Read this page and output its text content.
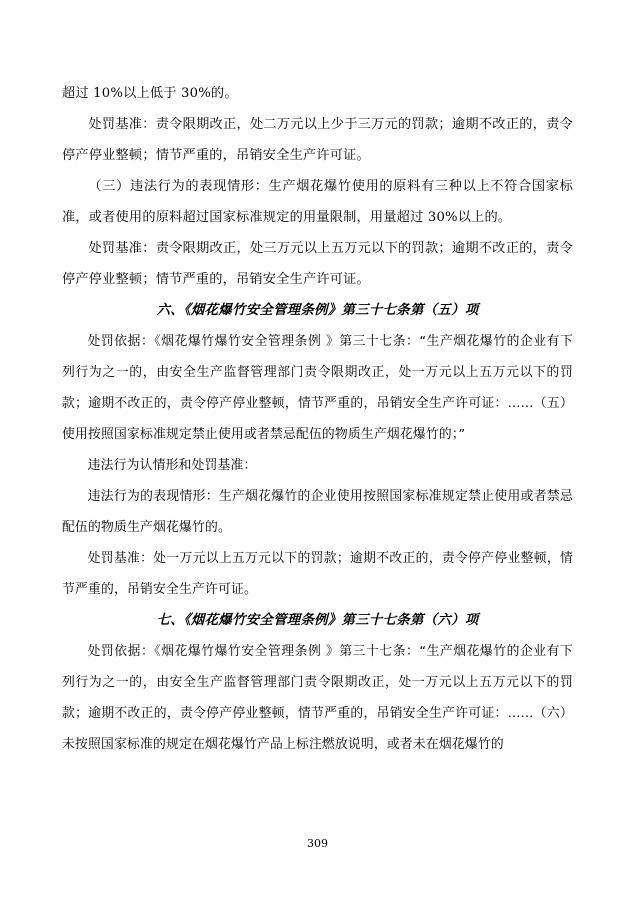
超过 10%以上低于 30%的。

处罚基准：责令限期改正，处二万元以上少于三万元的罚款；逾期不改正的，责令停产停业整顿；情节严重的，吊销安全生产许可证。

（三）违法行为的表现情形：生产烟花爆竹使用的原料有三种以上不符合国家标准，或者使用的原料超过国家标准规定的用量限制，用量超过 30%以上的。

处罚基准：责令限期改正，处三万元以上五万元以下的罚款；逾期不改正的，责令停产停业整顿；情节严重的，吊销安全生产许可证。

六、《烟花爆竹安全管理条例》第三十七条第（五）项

处罚依据：《烟花爆竹爆竹安全管理条例 》第三十七条：“生产烟花爆竹的企业有下列行为之一的，由安全生产监督管理部门责令限期改正，处一万元以上五万元以下的罚款；逾期不改正的，责令停产停业整顿，情节严重的，吊销安全生产许可证：……（五）使用按照国家标准规定禁止使用或者禁忌配伍的物质生产烟花爆竹的；”

违法行为认情形和处罚基准：

违法行为的表现情形：生产烟花爆竹的企业使用按照国家标准规定禁止使用或者禁忌配伍的物质生产烟花爆竹的。

处罚基准：处一万元以上五万元以下的罚款；逾期不改正的，责令停产停业整顿，情节严重的，吊销安全生产许可证。

七、《烟花爆竹安全管理条例》第三十七条第（六）项

处罚依据：《烟花爆竹爆竹安全管理条例 》第三十七条：“生产烟花爆竹的企业有下列行为之一的，由安全生产监督管理部门责令限期改正，处一万元以上五万元以下的罚款；逾期不改正的，责令停产停业整顿，情节严重的，吊销安全生产许可证：……（六）未按照国家标准的规定在烟花爆竹产品上标注燃放说明，或者未在烟花爆竹的

309
